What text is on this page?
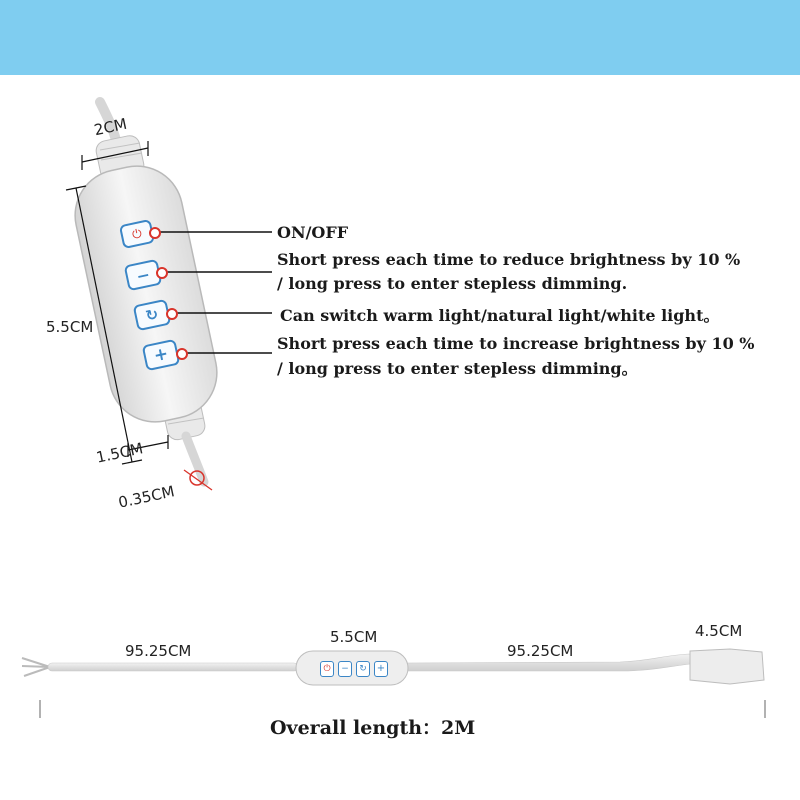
⏻
−
↻
+
⏻	−	↻	+
2CM
5.5CM
1.5CM
0.35CM
ON/OFF
Short press each time to reduce brightness by 10 %
/ long press to enter stepless dimming.
Can switch warm light/natural light/white light。
Short press each time to increase brightness by 10 %
/ long press to enter stepless dimming。
95.25CM
5.5CM
95.25CM
4.5CM
Overall length：2M
